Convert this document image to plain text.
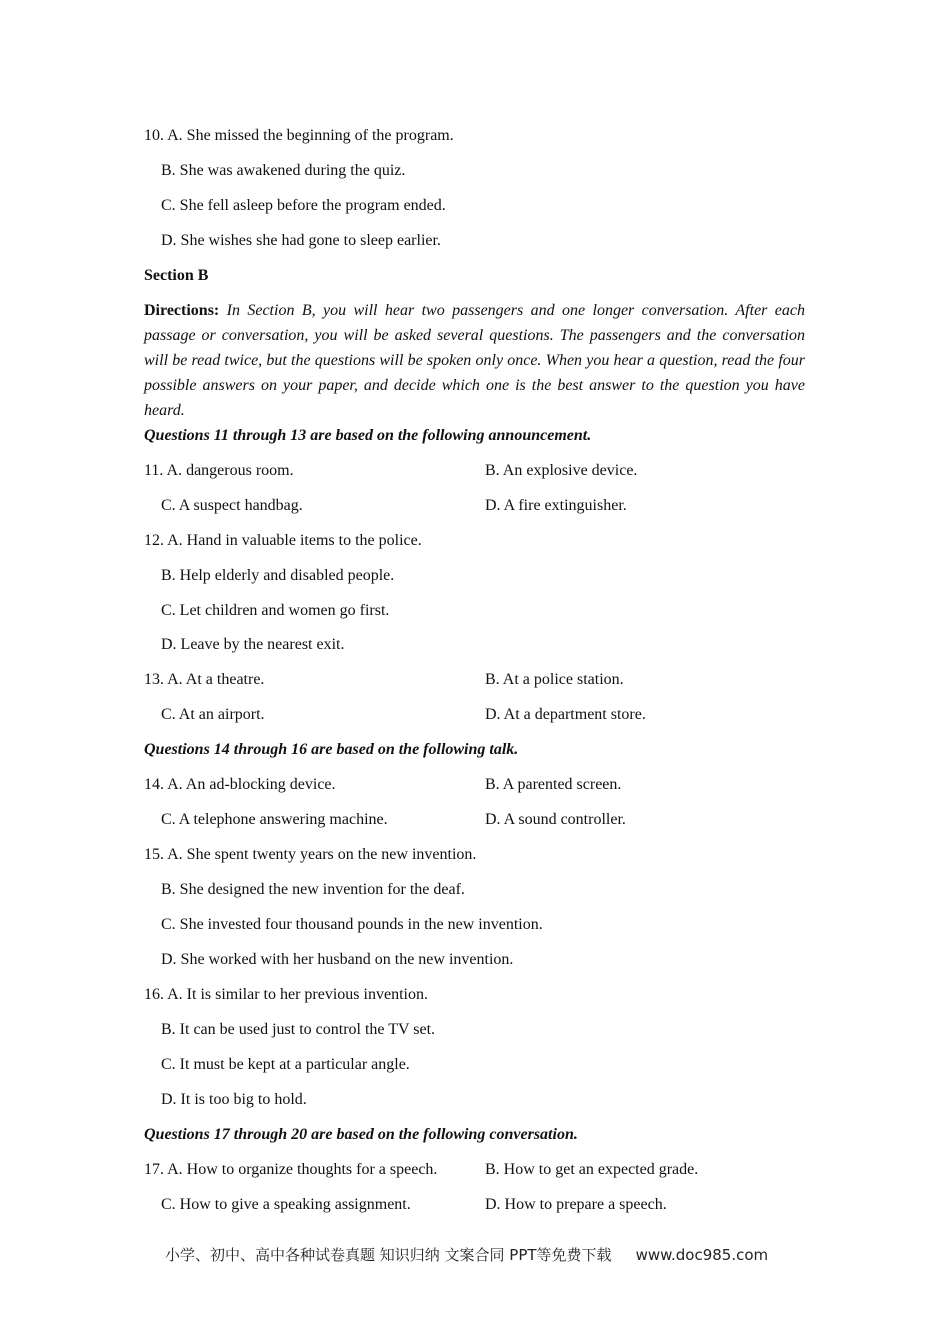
10. A. She missed the beginning of the program.
B. She was awakened during the quiz.
C. She fell asleep before the program ended.
D. She wishes she had gone to sleep earlier.
Section B
Directions: In Section B, you will hear two passengers and one longer conversation. After each passage or conversation, you will be asked several questions. The passengers and the conversation will be read twice, but the questions will be spoken only once. When you hear a question, read the four possible answers on your paper, and decide which one is the best answer to the question you have heard.
Questions 11 through 13 are based on the following announcement.
11. A. dangerous room.	B. An explosive device.
C. A suspect handbag.	D. A fire extinguisher.
12. A. Hand in valuable items to the police.
B. Help elderly and disabled people.
C. Let children and women go first.
D. Leave by the nearest exit.
13. A. At a theatre.	B. At a police station.
C. At an airport.	D. At a department store.
Questions 14 through 16 are based on the following talk.
14. A. An ad-blocking device.	B. A parented screen.
C. A telephone answering machine.	D. A sound controller.
15. A. She spent twenty years on the new invention.
B. She designed the new invention for the deaf.
C. She invested four thousand pounds in the new invention.
D. She worked with her husband on the new invention.
16. A. It is similar to her previous invention.
B. It can be used just to control the TV set.
C. It must be kept at a particular angle.
D. It is too big to hold.
Questions 17 through 20 are based on the following conversation.
17. A. How to organize thoughts for a speech.	B. How to get an expected grade.
C. How to give a speaking assignment.	D. How to prepare a speech.
小学、初中、高中各种试卷真题 知识归纳 文案合同 PPT等免费下载 www.doc985.com
